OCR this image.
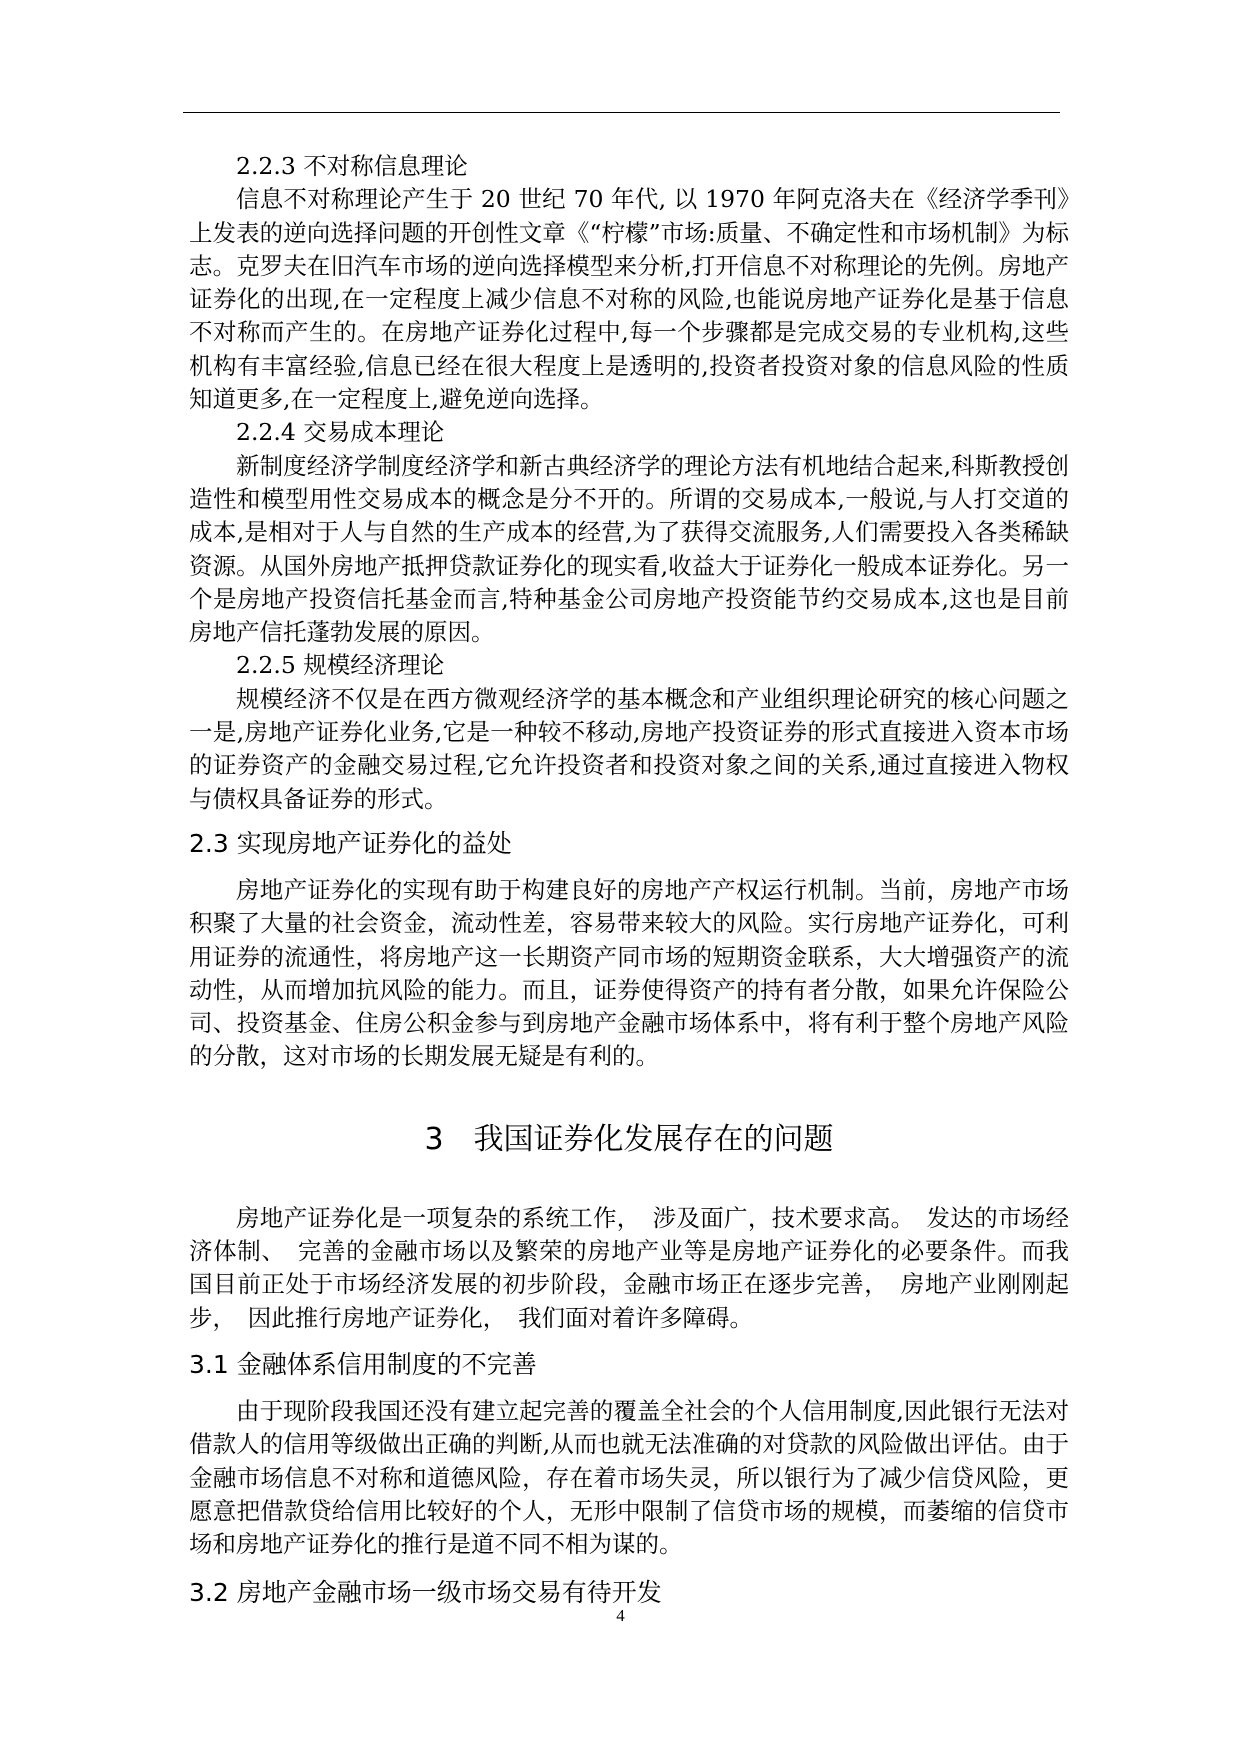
2.2.3 不对称信息理论

信息不对称理论产生于 20 世纪 70 年代, 以 1970 年阿克洛夫在《经济学季刊》上发表的逆向选择问题的开创性文章《“柠檬”市场:质量、不确定性和市场机制》为标志。克罗夫在旧汽车市场的逆向选择模型来分析,打开信息不对称理论的先例。房地产证券化的出现,在一定程度上减少信息不对称的风险,也能说房地产证券化是基于信息不对称而产生的。在房地产证券化过程中,每一个步骤都是完成交易的专业机构,这些机构有丰富经验,信息已经在很大程度上是透明的,投资者投资对象的信息风险的性质知道更多,在一定程度上,避免逆向选择。

2.2.4 交易成本理论

新制度经济学制度经济学和新古典经济学的理论方法有机地结合起来,科斯教授创造性和模型用性交易成本的概念是分不开的。所谓的交易成本,一般说,与人打交道的成本,是相对于人与自然的生产成本的经营,为了获得交流服务,人们需要投入各类稀缺资源。从国外房地产抵押贷款证券化的现实看,收益大于证券化一般成本证券化。另一个是房地产投资信托基金而言,特种基金公司房地产投资能节约交易成本,这也是目前房地产信托蓬勃发展的原因。

2.2.5 规模经济理论

规模经济不仅是在西方微观经济学的基本概念和产业组织理论研究的核心问题之一是,房地产证券化业务,它是一种较不移动,房地产投资证券的形式直接进入资本市场的证券资产的金融交易过程,它允许投资者和投资对象之间的关系,通过直接进入物权与债权具备证券的形式。

2.3 实现房地产证券化的益处

房地产证券化的实现有助于构建良好的房地产产权运行机制。当前，房地产市场积聚了大量的社会资金，流动性差，容易带来较大的风险。实行房地产证券化，可利用证券的流通性，将房地产这一长期资产同市场的短期资金联系，大大增强资产的流动性，从而增加抗风险的能力。而且，证券使得资产的持有者分散，如果允许保险公司、投资基金、住房公积金参与到房地产金融市场体系中，将有利于整个房地产风险的分散，这对市场的长期发展无疑是有利的。

3　我国证券化发展存在的问题

房地产证券化是一项复杂的系统工作，　涉及面广，技术要求高。　发达的市场经济体制、　完善的金融市场以及繁荣的房地产业等是房地产证券化的必要条件。而我国目前正处于市场经济发展的初步阶段，金融市场正在逐步完善，　房地产业刚刚起步，　因此推行房地产证券化，　我们面对着许多障碍。

3.1 金融体系信用制度的不完善

由于现阶段我国还没有建立起完善的覆盖全社会的个人信用制度,因此银行无法对借款人的信用等级做出正确的判断,从而也就无法准确的对贷款的风险做出评估。由于金融市场信息不对称和道德风险，存在着市场失灵，所以银行为了减少信贷风险，更愿意把借款贷给信用比较好的个人，无形中限制了信贷市场的规模，而萎缩的信贷市场和房地产证券化的推行是道不同不相为谋的。

3.2 房地产金融市场一级市场交易有待开发

4
